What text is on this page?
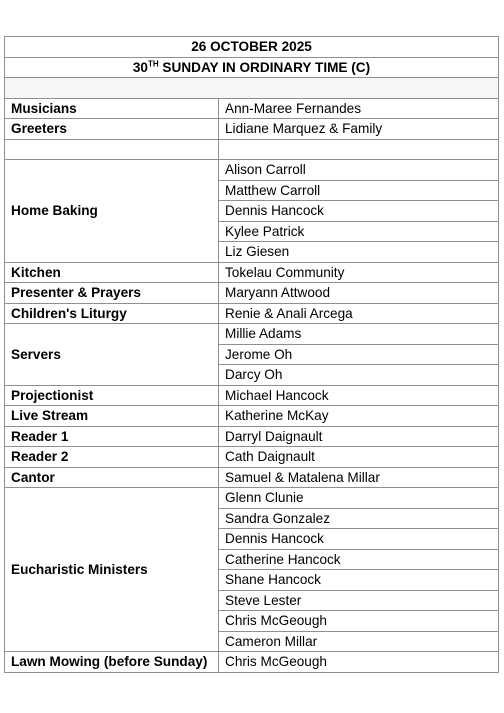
26 OCTOBER 2025	
30TH SUNDAY IN ORDINARY TIME (C)	

Musicians	Ann-Maree Fernandes
Greeters	Lidiane Marquez & Family

Home Baking	Alison Carroll
	Matthew Carroll
	Dennis Hancock
	Kylee Patrick
	Liz Giesen
Kitchen	Tokelau Community
Presenter & Prayers	Maryann Attwood
Children's Liturgy	Renie & Anali Arcega
Servers	Millie Adams
	Jerome Oh
	Darcy Oh
Projectionist	Michael Hancock
Live Stream	Katherine McKay
Reader 1	Darryl Daignault
Reader 2	Cath Daignault
Cantor	Samuel & Matalena Millar
Eucharistic Ministers	Glenn Clunie
	Sandra Gonzalez
	Dennis Hancock
	Catherine Hancock
	Shane Hancock
	Steve Lester
	Chris McGeough
	Cameron Millar
Lawn Mowing (before Sunday)	Chris McGeough
